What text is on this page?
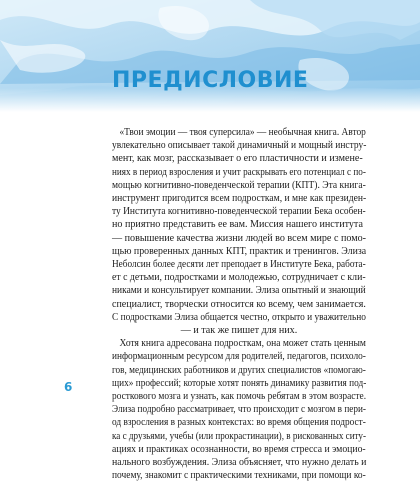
ПРЕДИСЛОВИЕ
«Твои эмоции — твоя суперсила» — необычная книга. Автор
увлекательно описывает такой динамичный и мощный инстру-
мент, как мозг, рассказывает о его пластичности и измене-
ниях в период взросления и учит раскрывать его потенциал с по-
мощью когнитивно-поведенческой терапии (КПТ). Эта книга-
инструмент пригодится всем подросткам, и мне как президен-
ту Института когнитивно-поведенческой терапии Бека особен-
но приятно представить ее вам. Миссия нашего института
— повышение качества жизни людей во всем мире с помо-
щью проверенных данных КПТ, практик и тренингов. Элиза
Неболсин более десяти лет преподает в Институте Бека, работа-
ет с детьми, подростками и молодежью, сотрудничает с кли-
никами и консультирует компании. Элиза опытный и знающий
специалист, творчески относится ко всему, чем занимается.
С подростками Элиза общается честно, открыто и уважительно
— и так же пишет для них.
Хотя книга адресована подросткам, она может стать ценным
информационным ресурсом для родителей, педагогов, психоло-
гов, медицинских работников и других специалистов «помогаю-
щих» профессий; которые хотят понять динамику развития под-
росткового мозга и узнать, как помочь ребятам в этом возрасте.
Элиза подробно рассматривает, что происходит с мозгом в пери-
од взросления в разных контекстах: во время общения подрост-
ка с друзьями, учебы (или прокрастинации), в рискованных ситу-
ациях и практиках осознанности, во время стресса и эмоцио-
нального возбуждения. Элиза объясняет, что нужно делать и
почему, знакомит с практическими техниками, при помощи ко-
6
